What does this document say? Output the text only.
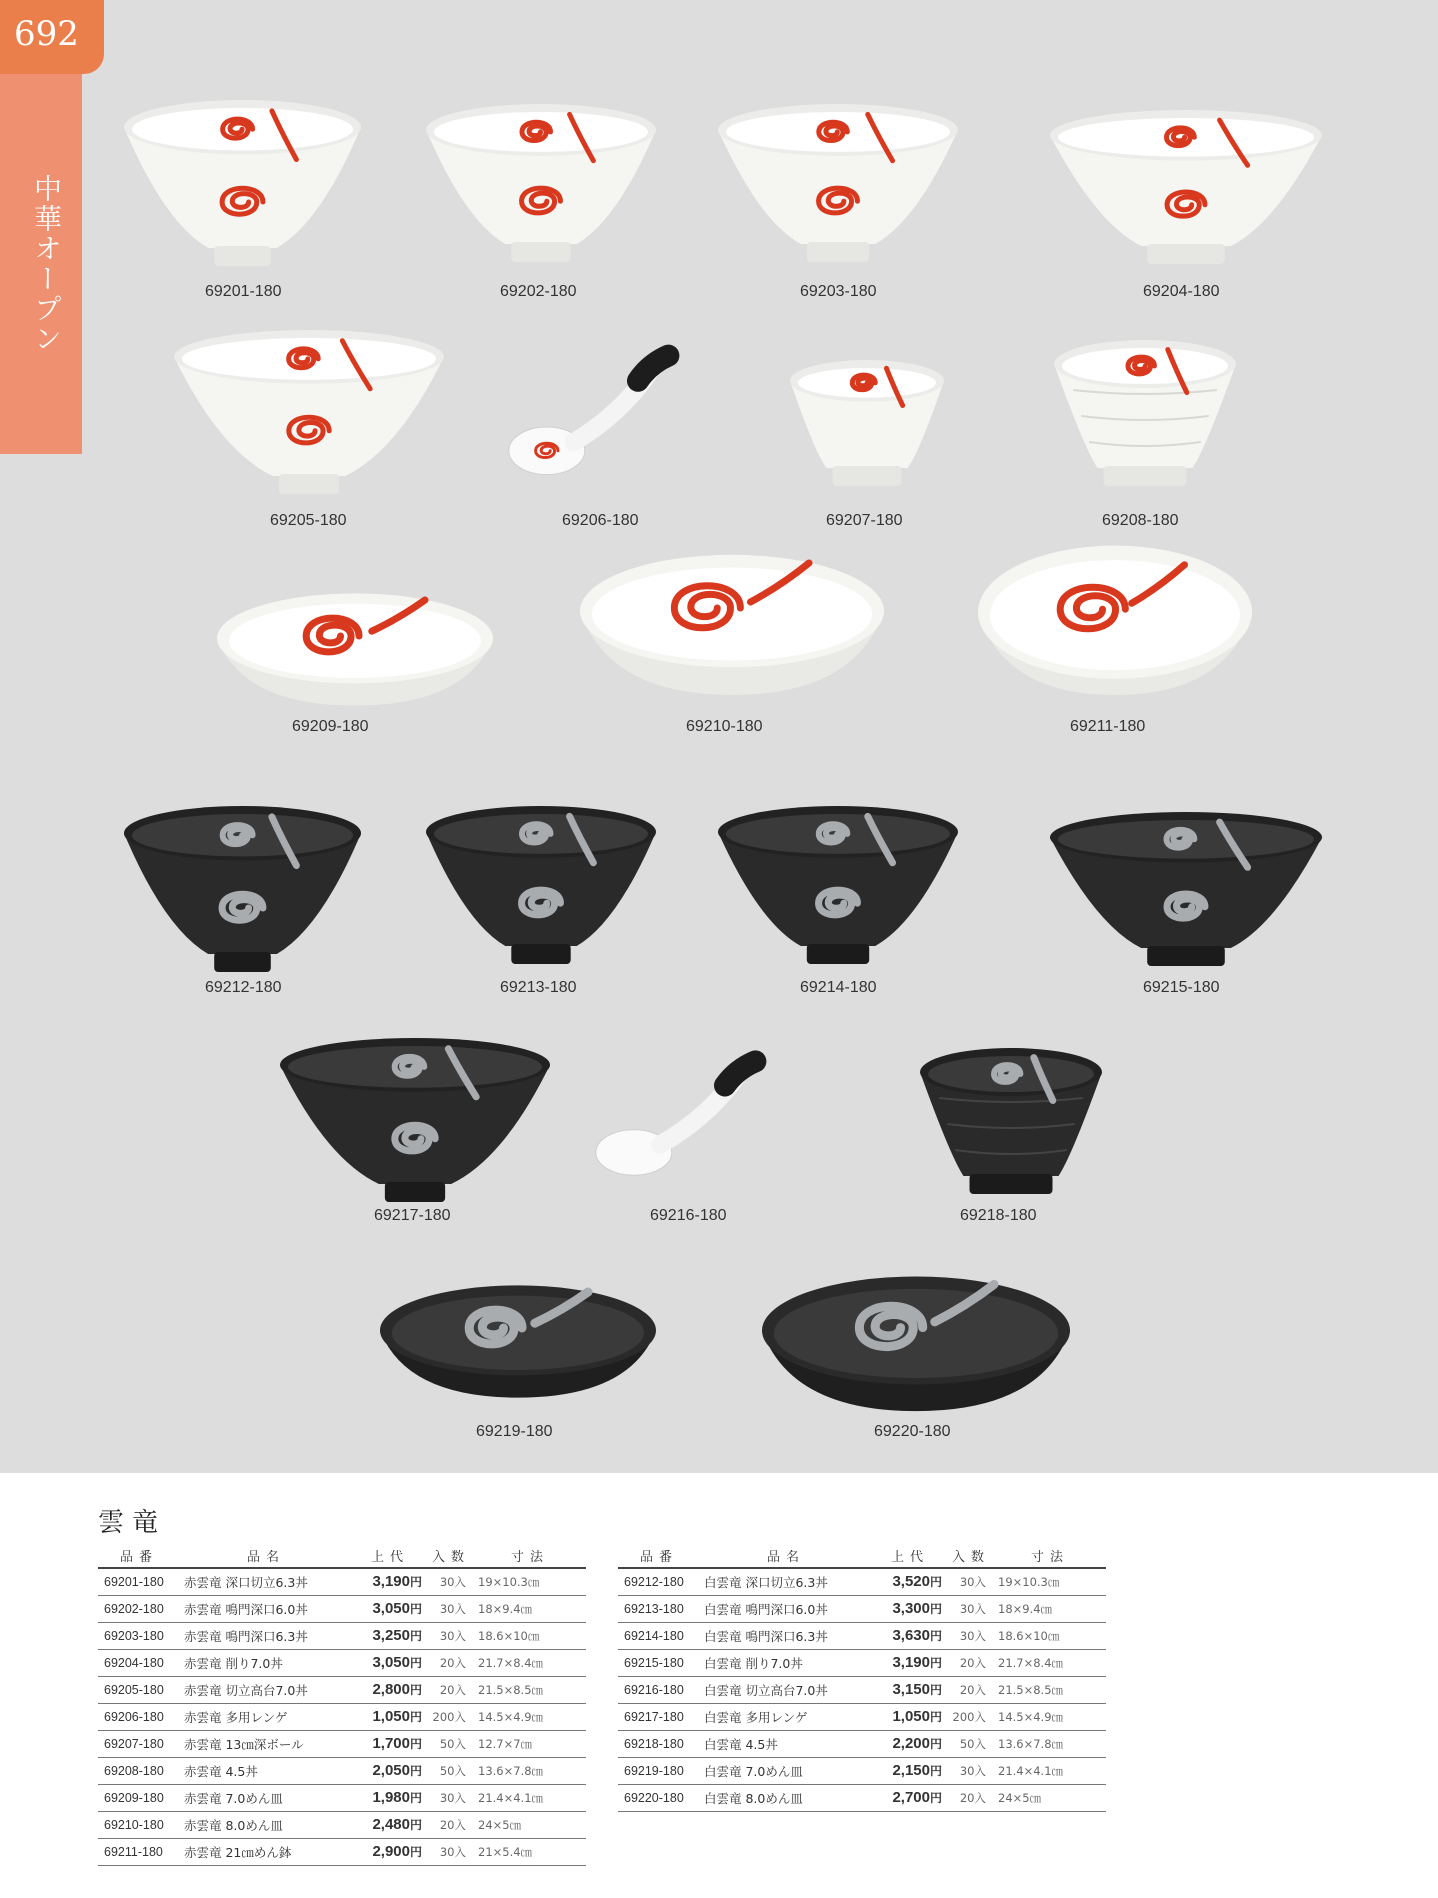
692
中華オープン	69201-180	69202-180	69203-180	69204-180
69205-180	69206-180	69207-180	69208-180
69209-180	69210-180	69211-180
69212-180	69213-180	69214-180	69215-180
69217-180	69216-180	69218-180
69219-180	69220-180
雲竜
品番	品名	上代	入数	寸法
69201-180	赤雲竜 深口切立6.3丼	3,190円	30入	19×10.3㎝
69202-180	赤雲竜 鳴門深口6.0丼	3,050円	30入	18×9.4㎝
69203-180	赤雲竜 鳴門深口6.3丼	3,250円	30入	18.6×10㎝
69204-180	赤雲竜 削り7.0丼	3,050円	20入	21.7×8.4㎝
69205-180	赤雲竜 切立高台7.0丼	2,800円	20入	21.5×8.5㎝
69206-180	赤雲竜 多用レンゲ	1,050円	200入	14.5×4.9㎝
69207-180	赤雲竜 13㎝深ボール	1,700円	50入	12.7×7㎝
69208-180	赤雲竜 4.5丼	2,050円	50入	13.6×7.8㎝
69209-180	赤雲竜 7.0めん皿	1,980円	30入	21.4×4.1㎝
69210-180	赤雲竜 8.0めん皿	2,480円	20入	24×5㎝
69211-180	赤雲竜 21㎝めん鉢	2,900円	30入	21×5.4㎝
品番	品名	上代	入数	寸法
69212-180	白雲竜 深口切立6.3丼	3,520円	30入	19×10.3㎝
69213-180	白雲竜 鳴門深口6.0丼	3,300円	30入	18×9.4㎝
69214-180	白雲竜 鳴門深口6.3丼	3,630円	30入	18.6×10㎝
69215-180	白雲竜 削り7.0丼	3,190円	20入	21.7×8.4㎝
69216-180	白雲竜 切立高台7.0丼	3,150円	20入	21.5×8.5㎝
69217-180	白雲竜 多用レンゲ	1,050円	200入	14.5×4.9㎝
69218-180	白雲竜 4.5丼	2,200円	50入	13.6×7.8㎝
69219-180	白雲竜 7.0めん皿	2,150円	30入	21.4×4.1㎝
69220-180	白雲竜 8.0めん皿	2,700円	20入	24×5㎝
